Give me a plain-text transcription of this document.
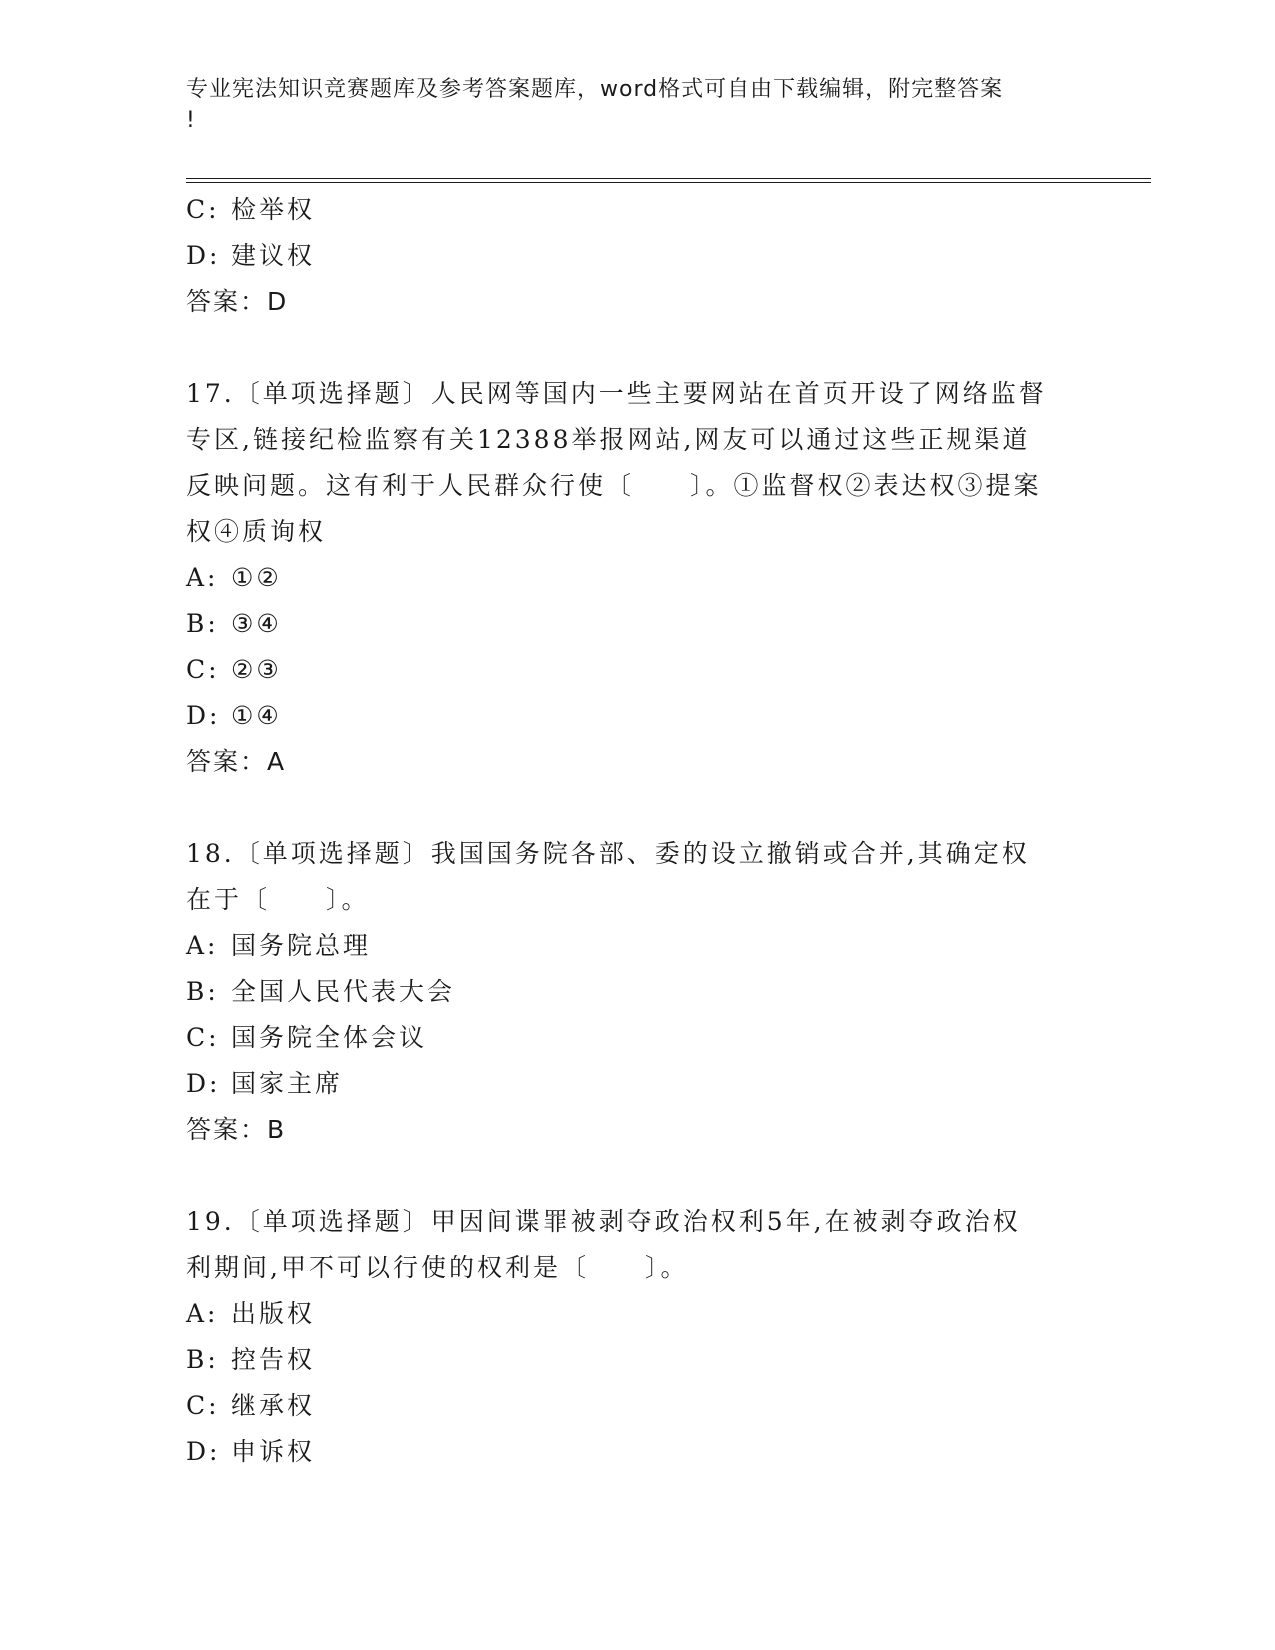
专业宪法知识竞赛题库及参考答案题库，word格式可自由下载编辑，附完整答案
!
C: 检举权
D: 建议权
答案：D
17.〔单项选择题〕人民网等国内一些主要网站在首页开设了网络监督
专区,链接纪检监察有关12388举报网站,网友可以通过这些正规渠道
反映问题。这有利于人民群众行使〔　　〕。①监督权②表达权③提案
权④质询权
A: ①②
B: ③④
C: ②③
D: ①④
答案：A
18.〔单项选择题〕我国国务院各部、委的设立撤销或合并,其确定权
在于〔　　〕。
A: 国务院总理
B: 全国人民代表大会
C: 国务院全体会议
D: 国家主席
答案：B
19.〔单项选择题〕甲因间谍罪被剥夺政治权利5年,在被剥夺政治权
利期间,甲不可以行使的权利是〔　　〕。
A: 出版权
B: 控告权
C: 继承权
D: 申诉权
